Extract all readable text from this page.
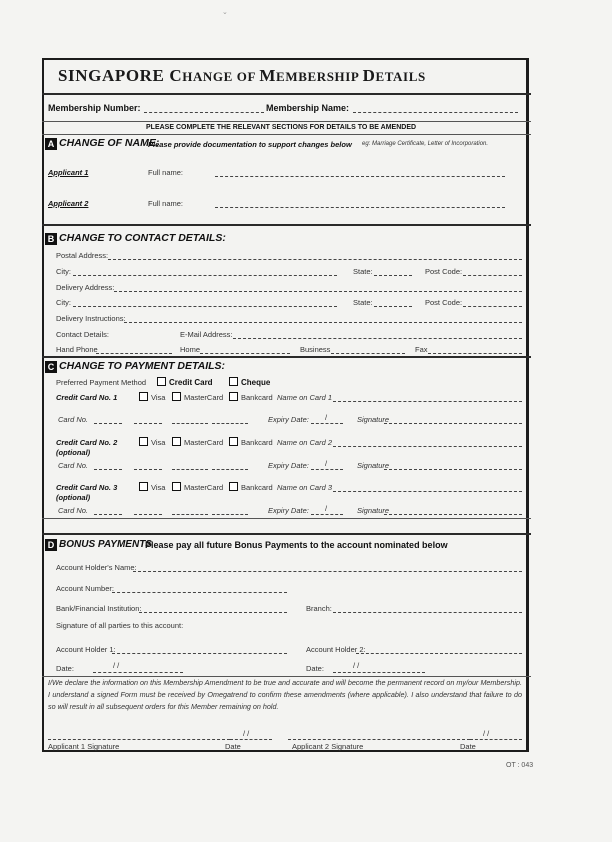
⌄
SINGAPORE CHANGE OF MEMBERSHIP DETAILS
Membership Number:	Membership Name:
PLEASE COMPLETE THE RELEVANT SECTIONS FOR DETAILS TO BE AMENDED
A CHANGE OF NAME:
Please provide documentation to support changes below eg: Marriage Certificate, Letter of Incorporation.
Applicant 1	Full name:
Applicant 2	Full name:
B CHANGE TO CONTACT DETAILS:
Postal Address:
City:	State:	Post Code:
Delivery Address:
City:	State:	Post Code:
Delivery Instructions:
Contact Details:	E-Mail Address:
Hand Phone	Home	Business	Fax
C CHANGE TO PAYMENT DETAILS:
Preferred Payment Method	Credit Card	Cheque
Credit Card No. 1	Visa	MasterCard	Bankcard Name on Card 1
Card No.	Expiry Date: /	Signature
Credit Card No. 2
(optional)
Visa	MasterCard	Bankcard Name on Card 2
Card No.	Expiry Date: /	Signature
Credit Card No. 3
(optional)
Visa	MasterCard	Bankcard Name on Card 3
Card No.	Expiry Date: /	Signature
D BONUS PAYMENTS
Please pay all future Bonus Payments to the account nominated below
Account Holder's Name:
Account Number:
Bank/Financial Institution:	Branch:
Signature of all parties to this account:
Account Holder 1:	Account Holder 2:
Date:	/ /	Date:	/ /
I/We declare the information on this Membership Amendment to be true and accurate and will become the permanent record on my/our Membership. I understand a signed Form must be received by Omegatrend to confirm these amendments (where applicable). I also understand that failure to do so will result in all subsequent orders for this Member remaining on hold.
/ /
Applicant 1 Signature	Date
/ /
Applicant 2 Signature	Date
OT : 043
